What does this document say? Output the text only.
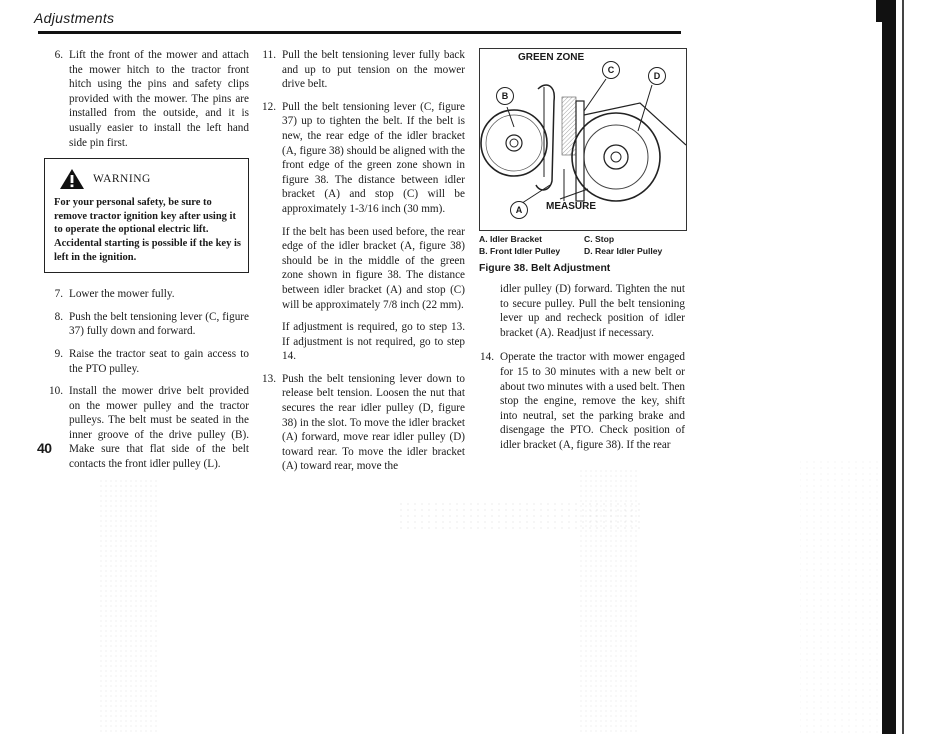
Adjustments
6. Lift the front of the mower and attach the mower hitch to the tractor front hitch using the pins and safety clips provided with the mower. The pins are installed from the outside, and it is usually easier to install the left hand side pin first.
WARNING
For your personal safety, be sure to remove tractor ignition key after using it to operate the optional electric lift. Accidental starting is possible if the key is left in the ignition.
7. Lower the mower fully.
8. Push the belt tensioning lever (C, figure 37) fully down and forward.
9. Raise the tractor seat to gain access to the PTO pulley.
10. Install the mower drive belt provided on the mower pulley and the tractor pulleys. The belt must be seated in the inner groove of the drive pulley (B). Make sure that flat side of the belt contacts the front idler pulley (L).
11. Pull the belt tensioning lever fully back and up to put tension on the mower drive belt.
12. Pull the belt tensioning lever (C, figure 37) up to tighten the belt. If the belt is new, the rear edge of the idler bracket (A, figure 38) should be aligned with the front edge of the green zone shown in figure 38. The distance between idler bracket (A) and stop (C) will be approximately 1-3/16 inch (30 mm).
If the belt has been used before, the rear edge of the idler bracket (A, figure 38) should be in the middle of the green zone shown in figure 38. The distance between idler bracket (A) and stop (C) will be approximately 7/8 inch (22 mm).
If adjustment is required, go to step 13. If adjustment is not required, go to step 14.
13. Push the belt tensioning lever down to release belt tension. Loosen the nut that secures the rear idler pulley (D, figure 38) in the slot. To move the idler bracket (A) forward, move rear idler pulley (D) toward rear. To move the idler bracket (A) toward rear, move the
GREEN ZONE
MEASURE
B
C
D
A
A. Idler Bracket	C. Stop
B. Front Idler Pulley	D. Rear Idler Pulley
Figure 38. Belt Adjustment
idler pulley (D) forward. Tighten the nut to secure pulley. Pull the belt tensioning lever up and recheck position of idler bracket (A). Readjust if necessary.
14. Operate the tractor with mower engaged for 15 to 30 minutes with a new belt or about two minutes with a used belt. Then stop the engine, remove the key, shift into neutral, set the parking brake and disengage the PTO. Check position of idler bracket (A, figure 38). If the rear
40
